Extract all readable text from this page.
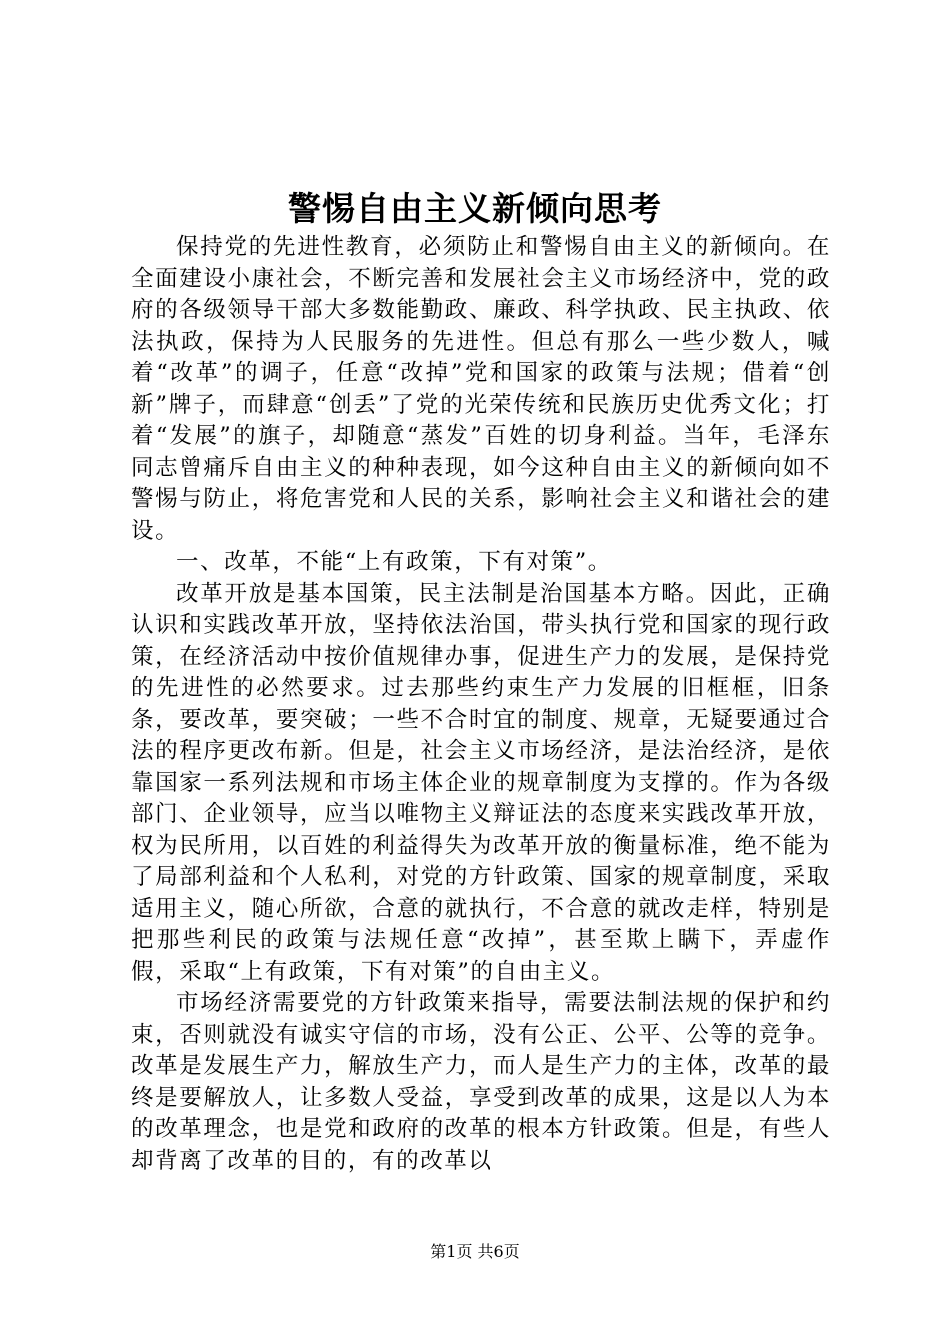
警惕自由主义新倾向思考

保持党的先进性教育，必须防止和警惕自由主义的新倾向。在全面建设小康社会，不断完善和发展社会主义市场经济中，党的政府的各级领导干部大多数能勤政、廉政、科学执政、民主执政、依法执政，保持为人民服务的先进性。但总有那么一些少数人，喊着“改革”的调子，任意“改掉”党和国家的政策与法规；借着“创新”牌子，而肆意“创丢”了党的光荣传统和民族历史优秀文化；打着“发展”的旗子，却随意“蒸发”百姓的切身利益。当年，毛泽东同志曾痛斥自由主义的种种表现，如今这种自由主义的新倾向如不警惕与防止，将危害党和人民的关系，影响社会主义和谐社会的建设。

一、改革，不能“上有政策，下有对策”。

改革开放是基本国策，民主法制是治国基本方略。因此，正确认识和实践改革开放，坚持依法治国，带头执行党和国家的现行政策，在经济活动中按价值规律办事，促进生产力的发展，是保持党的先进性的必然要求。过去那些约束生产力发展的旧框框，旧条条，要改革，要突破；一些不合时宜的制度、规章，无疑要通过合法的程序更改布新。但是，社会主义市场经济，是法治经济，是依靠国家一系列法规和市场主体企业的规章制度为支撑的。作为各级部门、企业领导，应当以唯物主义辩证法的态度来实践改革开放，权为民所用，以百姓的利益得失为改革开放的衡量标准，绝不能为了局部利益和个人私利，对党的方针政策、国家的规章制度，采取适用主义，随心所欲，合意的就执行，不合意的就改走样，特别是把那些利民的政策与法规任意“改掉”，甚至欺上瞒下，弄虚作假，采取“上有政策，下有对策”的自由主义。

市场经济需要党的方针政策来指导，需要法制法规的保护和约束，否则就没有诚实守信的市场，没有公正、公平、公等的竞争。改革是发展生产力，解放生产力，而人是生产力的主体，改革的最终是要解放人，让多数人受益，享受到改革的成果，这是以人为本的改革理念，也是党和政府的改革的根本方针政策。但是，有些人却背离了改革的目的，有的改革以

第1页 共6页
